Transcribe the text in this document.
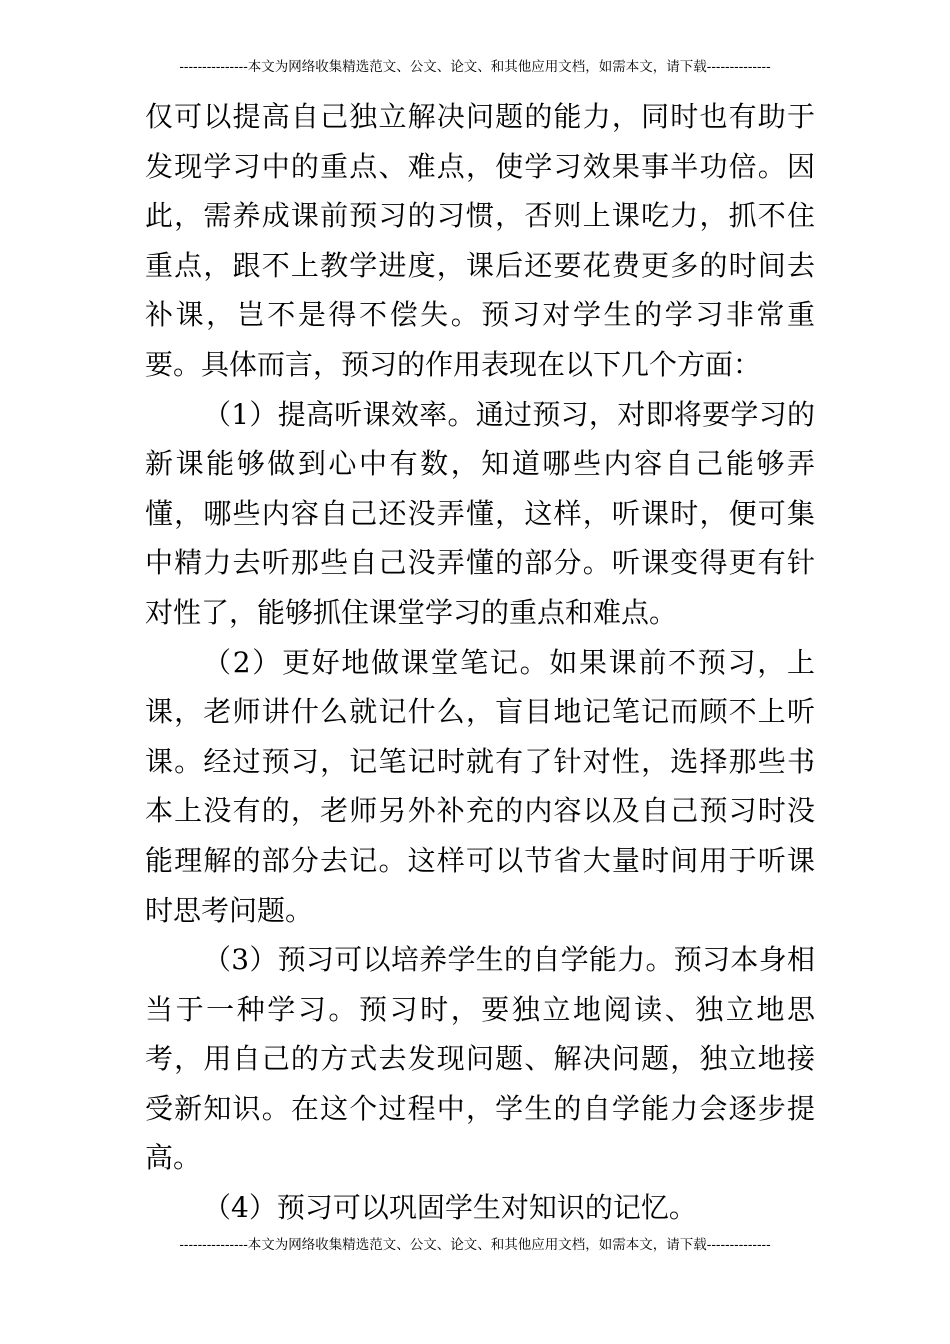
---------------本文为网络收集精选范文、公文、论文、和其他应用文档，如需本文，请下载--------------

仅可以提高自己独立解决问题的能力，同时也有助于发现学习中的重点、难点，使学习效果事半功倍。因此，需养成课前预习的习惯，否则上课吃力，抓不住重点，跟不上教学进度，课后还要花费更多的时间去补课，岂不是得不偿失。预习对学生的学习非常重要。具体而言，预习的作用表现在以下几个方面：

（1）提高听课效率。通过预习，对即将要学习的新课能够做到心中有数，知道哪些内容自己能够弄懂，哪些内容自己还没弄懂，这样，听课时，便可集中精力去听那些自己没弄懂的部分。听课变得更有针对性了，能够抓住课堂学习的重点和难点。

（2）更好地做课堂笔记。如果课前不预习，上课，老师讲什么就记什么，盲目地记笔记而顾不上听课。经过预习，记笔记时就有了针对性，选择那些书本上没有的，老师另外补充的内容以及自己预习时没能理解的部分去记。这样可以节省大量时间用于听课时思考问题。

（3）预习可以培养学生的自学能力。预习本身相当于一种学习。预习时，要独立地阅读、独立地思考，用自己的方式去发现问题、解决问题，独立地接受新知识。在这个过程中，学生的自学能力会逐步提高。

（4）预习可以巩固学生对知识的记忆。

---------------本文为网络收集精选范文、公文、论文、和其他应用文档，如需本文，请下载--------------
